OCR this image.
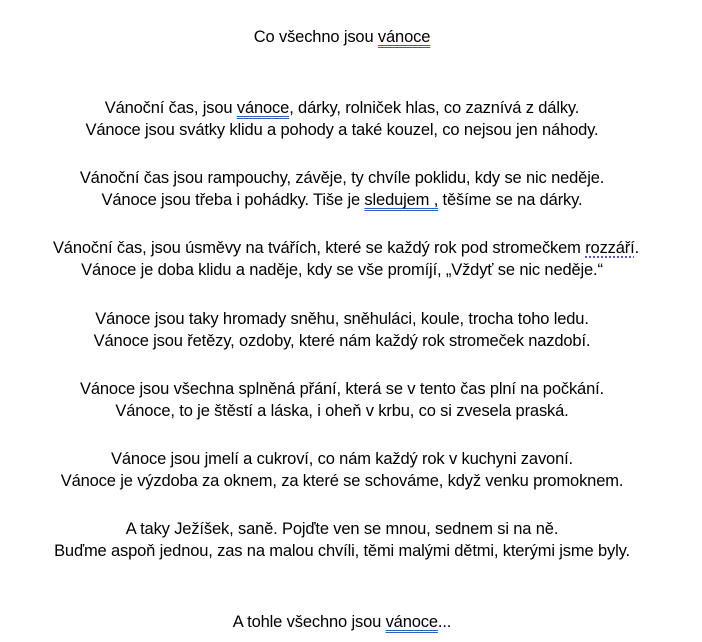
Co všechno jsou vánoce
Vánoční čas, jsou vánoce, dárky, rolniček hlas, co zaznívá z dálky.
Vánoce jsou svátky klidu a pohody a také kouzel, co nejsou jen náhody.
Vánoční čas jsou rampouchy, závěje, ty chvíle poklidu, kdy se nic neděje.
Vánoce jsou třeba i pohádky. Tiše je sledujem , těšíme se na dárky.
Vánoční čas, jsou úsměvy na tvářích, které se každý rok pod stromečkem rozzáří.
Vánoce je doba klidu a naděje, kdy se vše promíjí, „Vždyť se nic neděje.“
Vánoce jsou taky hromady sněhu, sněhuláci, koule, trocha toho ledu.
Vánoce jsou řetězy, ozdoby, které nám každý rok stromeček nazdobí.
Vánoce jsou všechna splněná přání, která se v tento čas plní na počkání.
Vánoce, to je štěstí a láska, i oheň v krbu, co si zvesela praská.
Vánoce jsou jmelí a cukroví, co nám každý rok v kuchyni zavoní.
Vánoce je výzdoba za oknem, za které se schováme, když venku promoknem.
A taky Ježíšek, saně. Pojďte ven se mnou, sednem si na ně.
Buďme aspoň jednou, zas na malou chvíli, těmi malými dětmi, kterými jsme byly.
A tohle všechno jsou vánoce...
